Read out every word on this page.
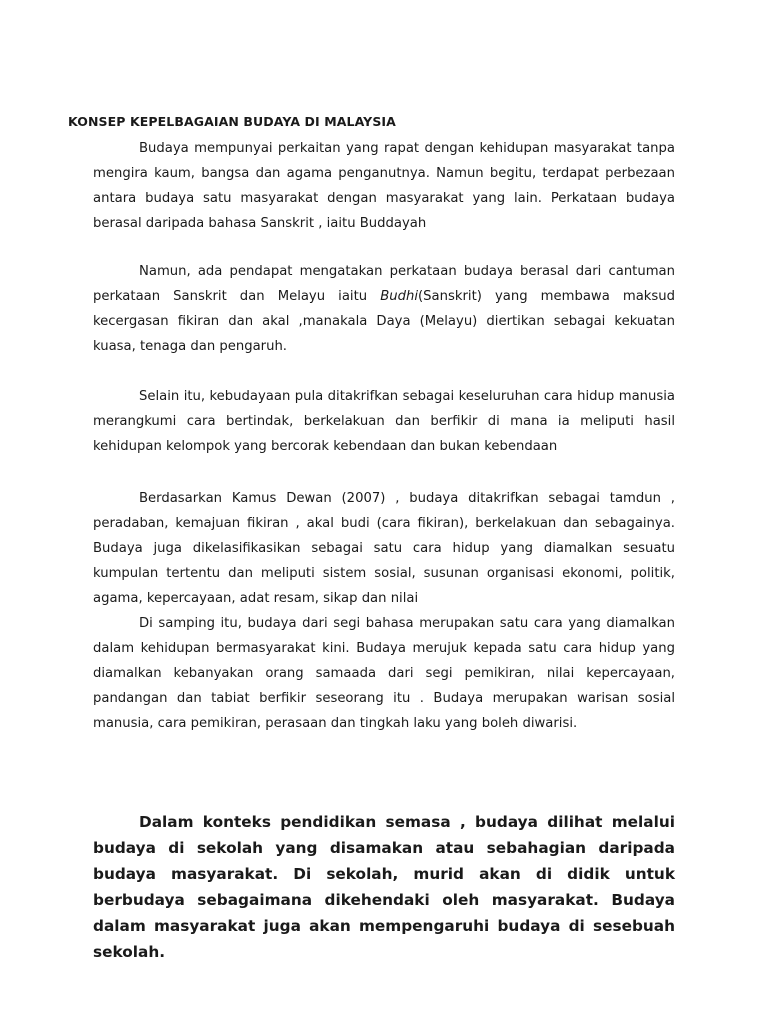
KONSEP KEPELBAGAIAN BUDAYA DI MALAYSIA

Budaya mempunyai perkaitan yang rapat dengan kehidupan masyarakat tanpa mengira kaum, bangsa dan agama penganutnya. Namun begitu, terdapat perbezaan antara budaya satu masyarakat dengan masyarakat yang lain. Perkataan budaya berasal daripada bahasa Sanskrit , iaitu Buddayah

Namun, ada pendapat mengatakan perkataan budaya berasal dari cantuman perkataan Sanskrit dan Melayu iaitu Budhi(Sanskrit) yang membawa maksud kecergasan fikiran dan akal ,manakala Daya (Melayu) diertikan sebagai kekuatan kuasa, tenaga dan pengaruh.

Selain itu, kebudayaan pula ditakrifkan sebagai keseluruhan cara hidup manusia merangkumi cara bertindak, berkelakuan dan berfikir di mana ia meliputi hasil kehidupan kelompok yang bercorak kebendaan dan bukan kebendaan

Berdasarkan Kamus Dewan (2007) , budaya ditakrifkan sebagai tamdun , peradaban, kemajuan fikiran , akal budi (cara fikiran), berkelakuan dan sebagainya. Budaya juga dikelasifikasikan sebagai satu cara hidup yang diamalkan sesuatu kumpulan tertentu dan meliputi sistem sosial, susunan organisasi ekonomi, politik, agama, kepercayaan, adat resam, sikap dan nilai

Di samping itu, budaya dari segi bahasa merupakan satu cara yang diamalkan dalam kehidupan bermasyarakat kini. Budaya merujuk kepada satu cara hidup yang diamalkan kebanyakan orang samaada dari segi pemikiran, nilai kepercayaan, pandangan dan tabiat berfikir seseorang itu . Budaya merupakan warisan sosial manusia, cara pemikiran, perasaan dan tingkah laku yang boleh diwarisi.

Dalam konteks pendidikan semasa , budaya dilihat melalui budaya di sekolah yang disamakan atau sebahagian daripada budaya masyarakat. Di sekolah, murid akan di didik untuk berbudaya sebagaimana dikehendaki oleh masyarakat. Budaya dalam masyarakat juga akan mempengaruhi budaya di sesebuah sekolah.
